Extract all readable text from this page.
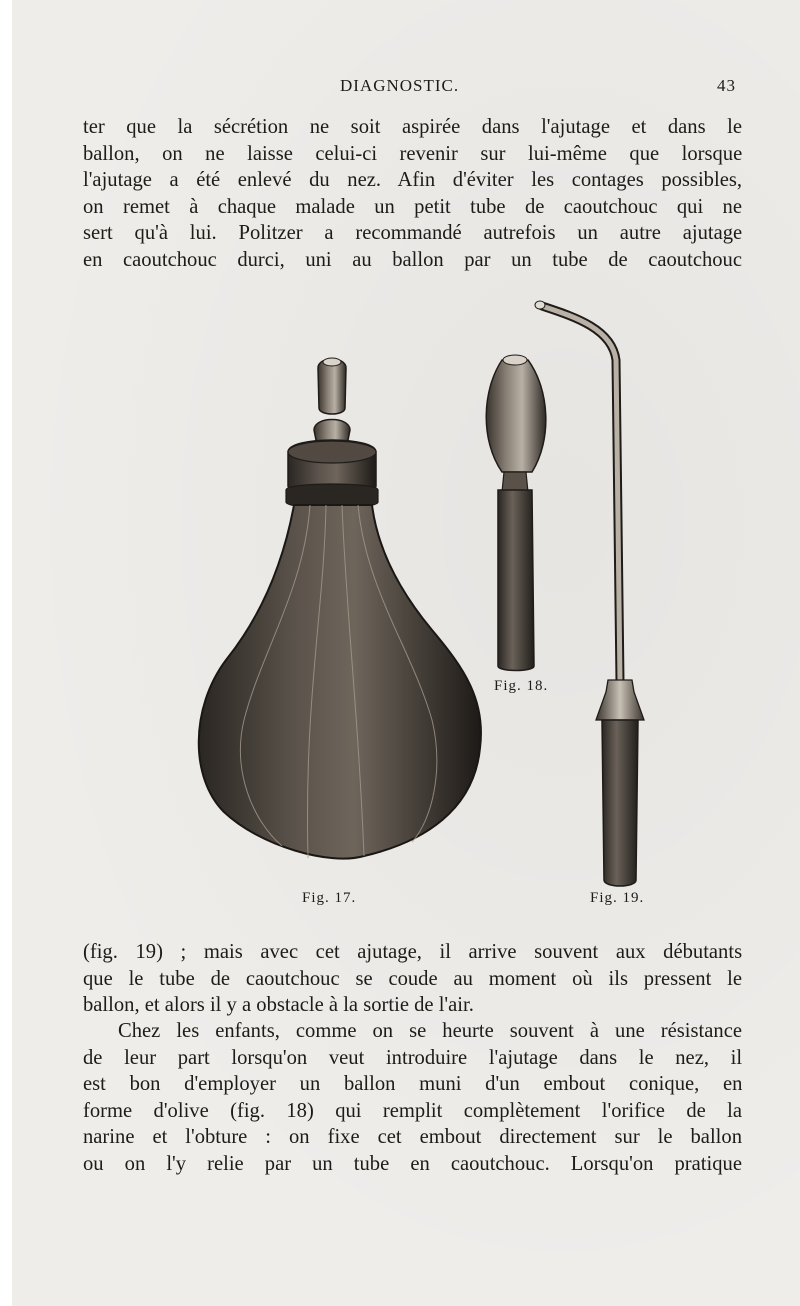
DIAGNOSTIC.	43
ter que la sécrétion ne soit aspirée dans l'ajutage et dans le
ballon, on ne laisse celui-ci revenir sur lui-même que lorsque
l'ajutage a été enlevé du nez. Afin d'éviter les contages possibles,
on remet à chaque malade un petit tube de caoutchouc qui ne
sert qu'à lui. Politzer a recommandé autrefois un autre ajutage
en caoutchouc durci, uni au ballon par un tube de caoutchouc
Fig. 18.
Fig. 17.	Fig. 19.
(fig. 19) ; mais avec cet ajutage, il arrive souvent aux débutants
que le tube de caoutchouc se coude au moment où ils pressent le
ballon, et alors il y a obstacle à la sortie de l'air.
Chez les enfants, comme on se heurte souvent à une résistance
de leur part lorsqu'on veut introduire l'ajutage dans le nez, il
est bon d'employer un ballon muni d'un embout conique, en
forme d'olive (fig. 18) qui remplit complètement l'orifice de la
narine et l'obture : on fixe cet embout directement sur le ballon
ou on l'y relie par un tube en caoutchouc. Lorsqu'on pratique
